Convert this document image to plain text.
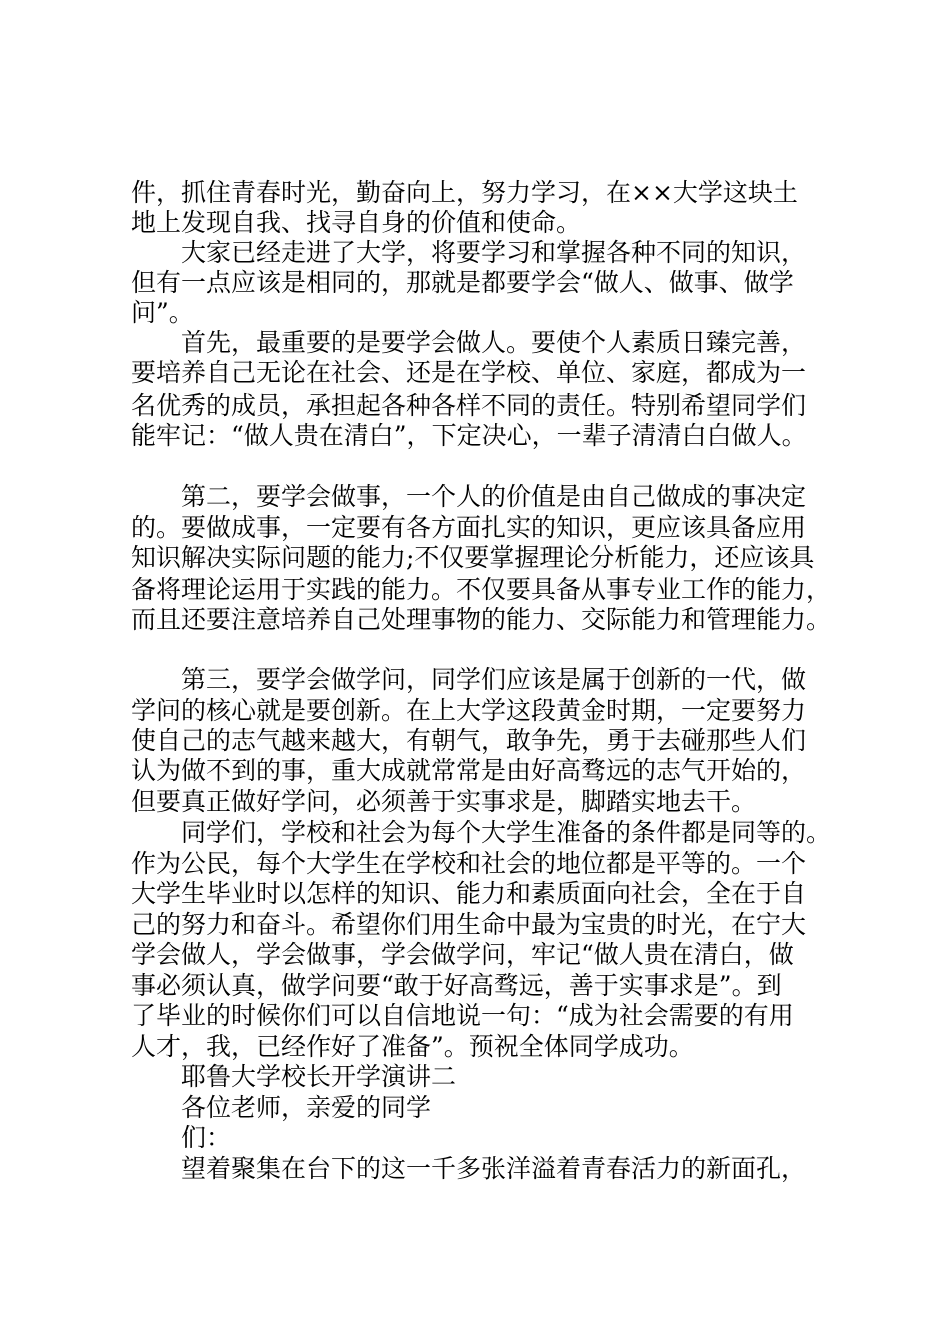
件，抓住青春时光，勤奋向上，努力学习，在××大学这块土
地上发现自我、找寻自身的价值和使命。
大家已经走进了大学，将要学习和掌握各种不同的知识，
但有一点应该是相同的，那就是都要学会“做人、做事、做学
问”。
首先，最重要的是要学会做人。要使个人素质日臻完善，
要培养自己无论在社会、还是在学校、单位、家庭，都成为一
名优秀的成员，承担起各种各样不同的责任。特别希望同学们
能牢记：“做人贵在清白”，下定决心，一辈子清清白白做人。
第二，要学会做事，一个人的价值是由自己做成的事决定
的。要做成事，一定要有各方面扎实的知识，更应该具备应用
知识解决实际问题的能力;不仅要掌握理论分析能力，还应该具
备将理论运用于实践的能力。不仅要具备从事专业工作的能力，
而且还要注意培养自己处理事物的能力、交际能力和管理能力。
第三，要学会做学问，同学们应该是属于创新的一代，做
学问的核心就是要创新。在上大学这段黄金时期，一定要努力
使自己的志气越来越大，有朝气，敢争先，勇于去碰那些人们
认为做不到的事，重大成就常常是由好高骛远的志气开始的，
但要真正做好学问，必须善于实事求是，脚踏实地去干。
同学们，学校和社会为每个大学生准备的条件都是同等的。
作为公民，每个大学生在学校和社会的地位都是平等的。一个
大学生毕业时以怎样的知识、能力和素质面向社会，全在于自
己的努力和奋斗。希望你们用生命中最为宝贵的时光，在宁大
学会做人，学会做事，学会做学问，牢记“做人贵在清白，做
事必须认真，做学问要“敢于好高骛远，善于实事求是”。到
了毕业的时候你们可以自信地说一句：“成为社会需要的有用
人才，我，已经作好了准备”。预祝全体同学成功。
耶鲁大学校长开学演讲二
各位老师，亲爱的同学
们：
望着聚集在台下的这一千多张洋溢着青春活力的新面孔，
